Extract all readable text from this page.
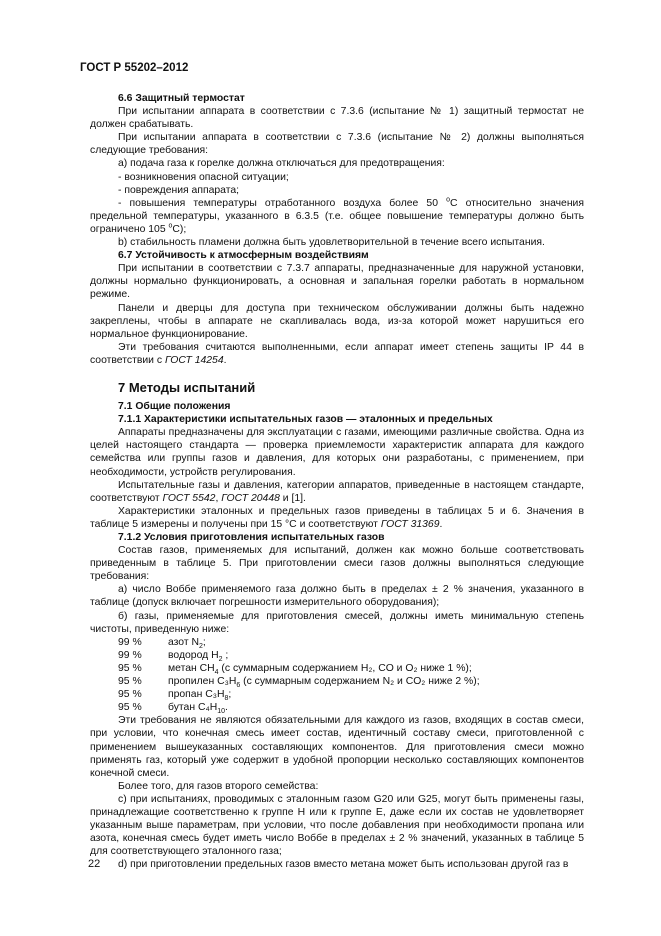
ГОСТ Р 55202–2012

6.6 Защитный термостат

При испытании аппарата в соответствии с 7.3.6 (испытание № 1) защитный термостат не должен срабатывать.

При испытании аппарата в соответствии с 7.3.6 (испытание № 2) должны выполняться следующие требования:

а) подача газа к горелке должна отключаться для предотвращения:

- возникновения опасной ситуации;

- повреждения аппарата;

- повышения температуры отработанного воздуха более 50 $^о$С относительно значения предельной температуры, указанного в 6.3.5 (т.е. общее повышение температуры должно быть ограничено 105 $^о$С);

b) стабильность пламени должна быть удовлетворительной в течение всего испытания.

6.7 Устойчивость к атмосферным воздействиям

При испытании в соответствии с 7.3.7 аппараты, предназначенные для наружной установки, должны нормально функционировать, а основная и запальная горелки работать в нормальном режиме.

Панели и дверцы для доступа при техническом обслуживании должны быть надежно закреплены, чтобы в аппарате не скапливалась вода, из-за которой может нарушиться его нормальное функционирование.

Эти требования считаются выполненными, если аппарат имеет степень защиты IP 44 в соответствии с ГОСТ 14254.

7 Методы испытаний

7.1 Общие положения

7.1.1 Характеристики испытательных газов — эталонных и предельных

Аппараты предназначены для эксплуатации с газами, имеющими различные свойства. Одна из целей настоящего стандарта — проверка приемлемости характеристик аппарата для каждого семейства или группы газов и давления, для которых они разработаны, с применением, при необходимости, устройств регулирования.

Испытательные газы и давления, категории аппаратов, приведенные в настоящем стандарте, соответствуют ГОСТ 5542, ГОСТ 20448 и [1].

Характеристики эталонных и предельных газов приведены в таблицах 5 и 6. Значения в таблице 5 измерены и получены при 15 °С и соответствуют ГОСТ 31369.

7.1.2 Условия приготовления испытательных газов

Состав газов, применяемых для испытаний, должен как можно больше соответствовать приведенным в таблице 5. При приготовлении смеси газов должны выполняться следующие требования:

а) число Воббе применяемого газа должно быть в пределах ± 2 % значения, указанного в таблице (допуск включает погрешности измерительного оборудования);

б) газы, применяемые для приготовления смесей, должны иметь минимальную степень чистоты, приведенную ниже:

99 %	азот $N_2$;
99 %	водород $H_2$ ;
95 %	метан $CH_4$ (с суммарным содержанием H₂, CO и O₂ ниже 1 %);
95 %	пропилен $C_3H_6$ (с суммарным содержанием N₂ и CO₂ ниже 2 %);
95 %	пропан $C_3H_8$;
95 %	бутан $C_4H_{10}$.

Эти требования не являются обязательными для каждого из газов, входящих в состав смеси, при условии, что конечная смесь имеет состав, идентичный составу смеси, приготовленной с применением вышеуказанных составляющих компонентов. Для приготовления смеси можно применять газ, который уже содержит в удобной пропорции несколько составляющих компонентов конечной смеси.

Более того, для газов второго семейства:

с) при испытаниях, проводимых с эталонным газом G20 или G25, могут быть применены газы, принадлежащие соответственно к группе H или к группе E, даже если их состав не удовлетворяет указанным выше параметрам, при условии, что после добавления при необходимости пропана или азота, конечная смесь будет иметь число Воббе в пределах ± 2 % значений, указанных в таблице 5 для соответствующего эталонного газа;

d) при приготовлении предельных газов вместо метана может быть использован другой газ в

22
